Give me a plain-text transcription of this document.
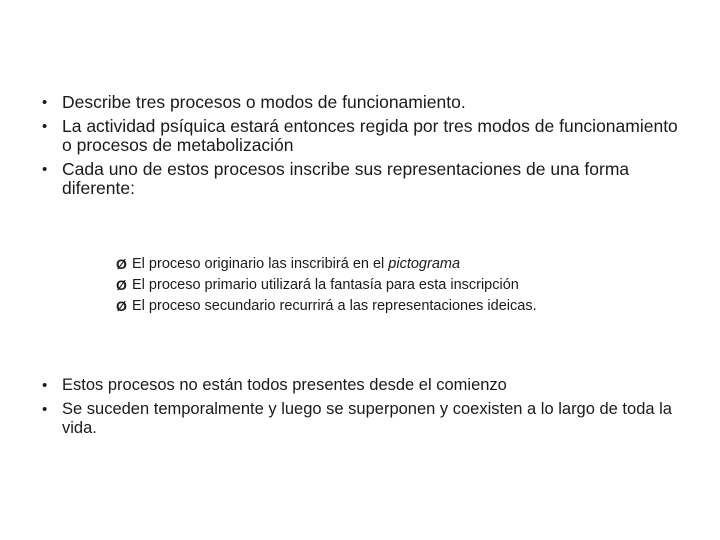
• Describe tres procesos o modos de funcionamiento.
• La actividad psíquica estará entonces regida por tres modos de funcionamiento o procesos de metabolización
• Cada uno de estos procesos inscribe sus representaciones de una forma diferente:
Ø El proceso originario las inscribirá en el pictograma
Ø El proceso primario utilizará la fantasía para esta inscripción
Ø El proceso secundario recurrirá a las representaciones ideicas.
• Estos procesos no están todos presentes desde el comienzo
• Se suceden temporalmente y luego se superponen y coexisten a lo largo de toda la vida.
